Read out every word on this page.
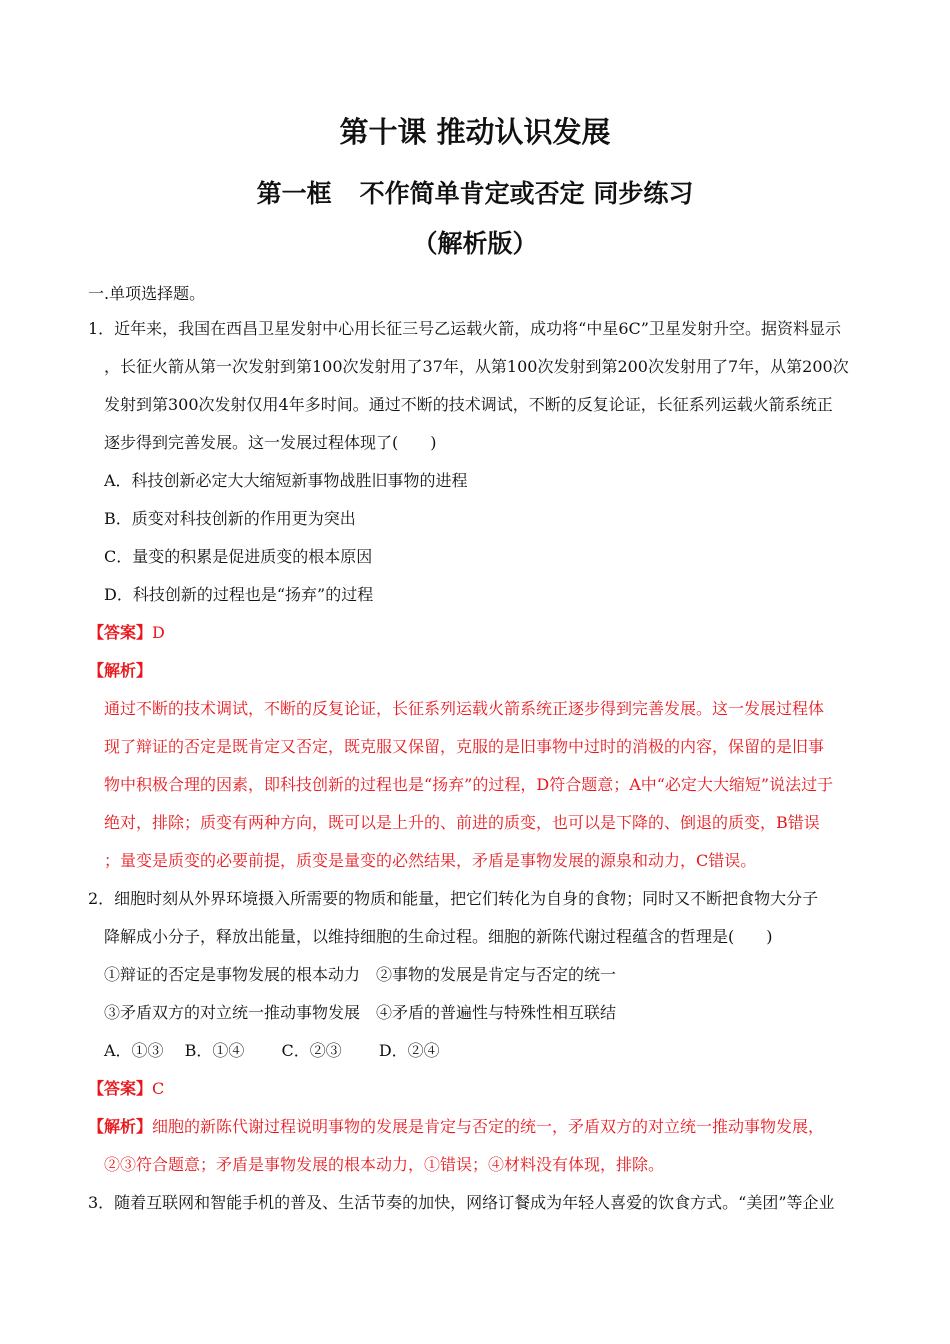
第十课 推动认识发展
第一框 不作简单肯定或否定 同步练习
（解析版）
一.单项选择题。
1．近年来，我国在西昌卫星发射中心用长征三号乙运载火箭，成功将“中星6C”卫星发射升空。据资料显示
，长征火箭从第一次发射到第100次发射用了37年，从第100次发射到第200次发射用了7年，从第200次
发射到第300次发射仅用4年多时间。通过不断的技术调试，不断的反复论证，长征系列运载火箭系统正
逐步得到完善发展。这一发展过程体现了(　　)
A．科技创新必定大大缩短新事物战胜旧事物的进程
B．质变对科技创新的作用更为突出
C．量变的积累是促进质变的根本原因
D．科技创新的过程也是“扬弃”的过程
【答案】D
【解析】
通过不断的技术调试，不断的反复论证，长征系列运载火箭系统正逐步得到完善发展。这一发展过程体
现了辩证的否定是既肯定又否定，既克服又保留，克服的是旧事物中过时的消极的内容，保留的是旧事
物中积极合理的因素，即科技创新的过程也是“扬弃”的过程，D符合题意；A中“必定大大缩短”说法过于
绝对，排除；质变有两种方向，既可以是上升的、前进的质变，也可以是下降的、倒退的质变，B错误
；量变是质变的必要前提，质变是量变的必然结果，矛盾是事物发展的源泉和动力，C错误。
2．细胞时刻从外界环境摄入所需要的物质和能量，把它们转化为自身的食物；同时又不断把食物大分子
降解成小分子，释放出能量，以维持细胞的生命过程。细胞的新陈代谢过程蕴含的哲理是(　　)
①辩证的否定是事物发展的根本动力　②事物的发展是肯定与否定的统一
③矛盾双方的对立统一推动事物发展　④矛盾的普遍性与特殊性相互联结
A．①③　 B．①④　　 C．②③　　 D．②④
【答案】C
【解析】细胞的新陈代谢过程说明事物的发展是肯定与否定的统一，矛盾双方的对立统一推动事物发展，
②③符合题意；矛盾是事物发展的根本动力，①错误；④材料没有体现，排除。
3．随着互联网和智能手机的普及、生活节奏的加快，网络订餐成为年轻人喜爱的饮食方式。“美团”等企业
